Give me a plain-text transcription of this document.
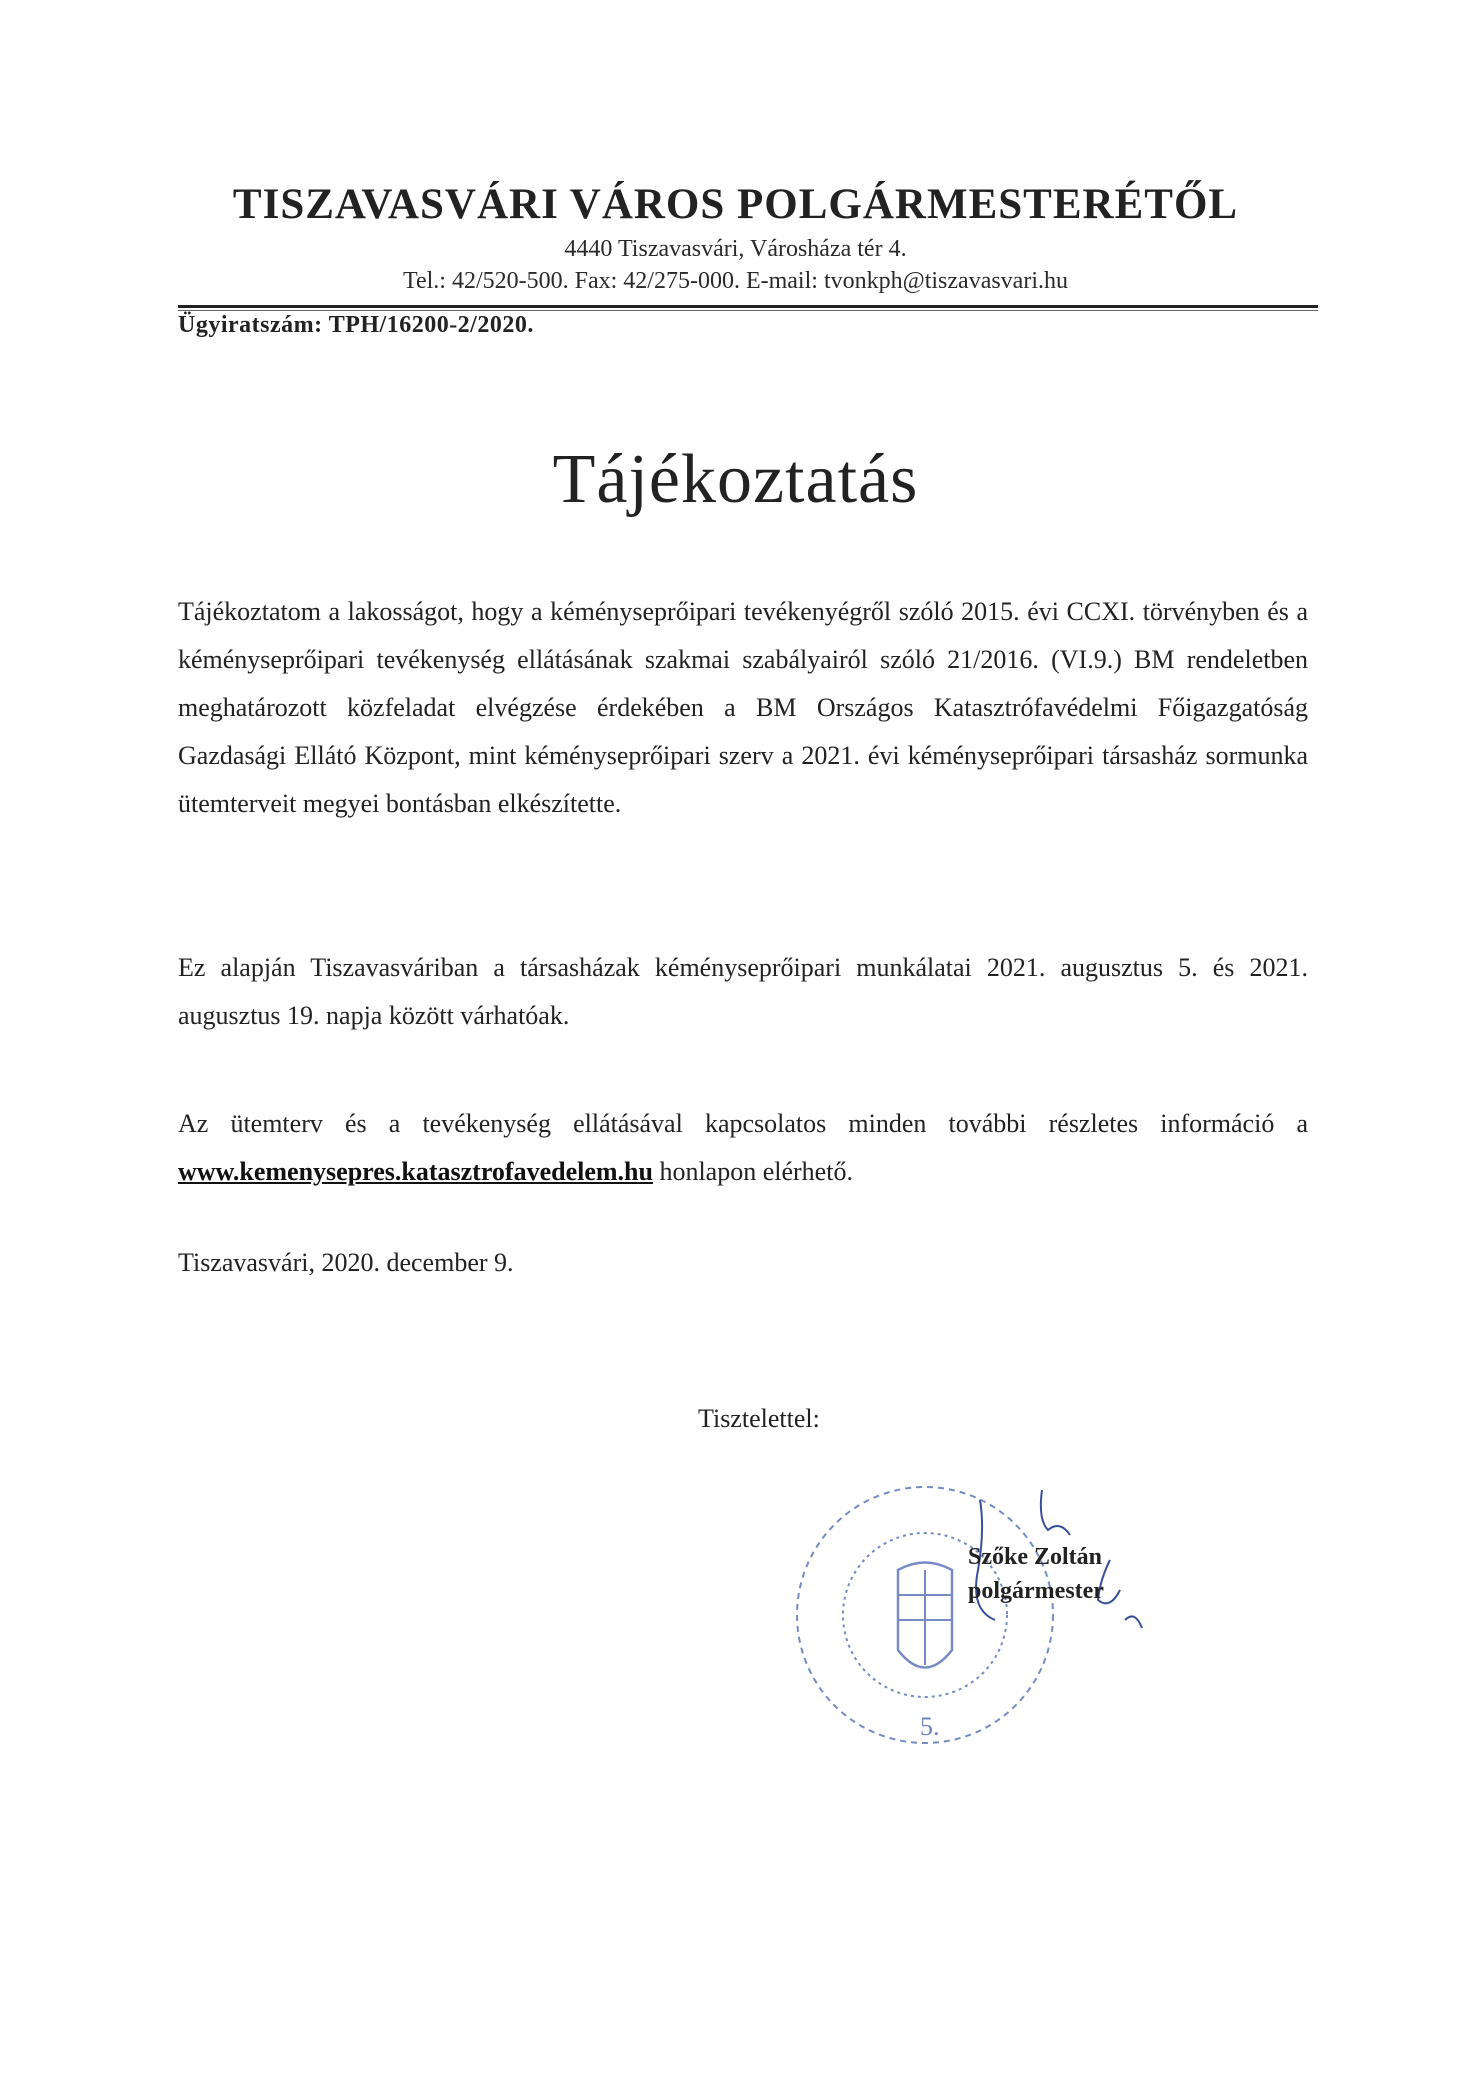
TISZAVASVÁRI VÁROS POLGÁRMESTERÉTŐL
4440 Tiszavasvári, Városháza tér 4.
Tel.: 42/520-500. Fax: 42/275-000. E-mail: tvonkph@tiszavasvari.hu
Ügyiratszám: TPH/16200-2/2020.
Tájékoztatás
Tájékoztatom a lakosságot, hogy a kéményseprőipari tevékenyégről szóló 2015. évi CCXI. törvényben és a kéményseprőipari tevékenység ellátásának szakmai szabályairól szóló 21/2016. (VI.9.) BM rendeletben meghatározott közfeladat elvégzése érdekében a BM Országos Katasztrófavédelmi Főigazgatóság Gazdasági Ellátó Központ, mint kéményseprőipari szerv a 2021. évi kéményseprőipari társasház sormunka ütemterveit megyei bontásban elkészítette.
Ez alapján Tiszavasváriban a társasházak kéményseprőipari munkálatai 2021. augusztus 5. és 2021. augusztus 19. napja között várhatóak.
Az ütemterv és a tevékenység ellátásával kapcsolatos minden további részletes információ a www.kemenysepres.katasztrofavedelem.hu honlapon elérhető.
Tiszavasvári, 2020. december 9.
Tisztelettel:
5.
Szőke Zoltán
polgármester
